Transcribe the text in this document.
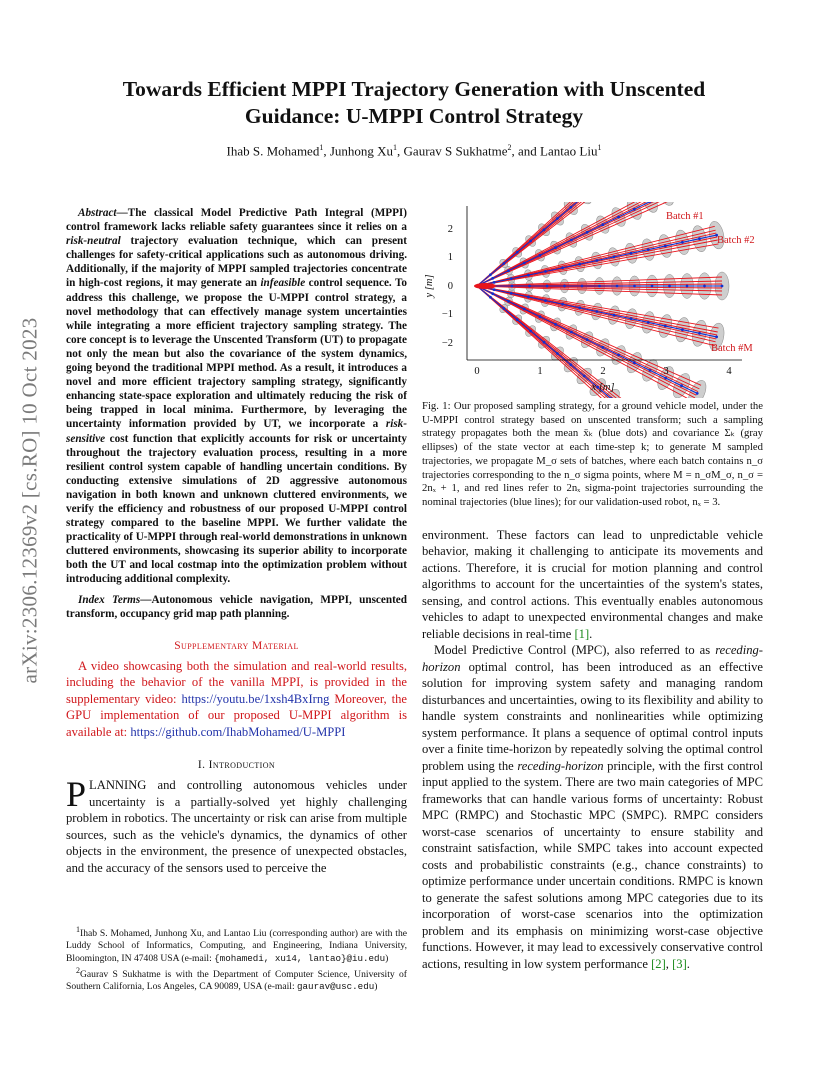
arXiv:2306.12369v2 [cs.RO] 10 Oct 2023
Towards Efficient MPPI Trajectory Generation with Unscented
Guidance: U-MPPI Control Strategy
Ihab S. Mohamed$^1$, Junhong Xu$^1$, Gaurav S Sukhatme$^2$, and Lantao Liu$^1$

Abstract—The classical Model Predictive Path Integral (MPPI) control framework lacks reliable safety guarantees since it relies on a risk-neutral trajectory evaluation technique, which can present challenges for safety-critical applications such as autonomous driving. Additionally, if the majority of MPPI sampled trajectories concentrate in high-cost regions, it may generate an infeasible control sequence. To address this challenge, we propose the U-MPPI control strategy, a novel methodology that can effectively manage system uncertainties while integrating a more efficient trajectory sampling strategy. The core concept is to leverage the Unscented Transform (UT) to propagate not only the mean but also the covariance of the system dynamics, going beyond the traditional MPPI method. As a result, it introduces a novel and more efficient trajectory sampling strategy, significantly enhancing state-space exploration and ultimately reducing the risk of being trapped in local minima. Furthermore, by leveraging the uncertainty information provided by UT, we incorporate a risk-sensitive cost function that explicitly accounts for risk or uncertainty throughout the trajectory evaluation process, resulting in a more resilient control system capable of handling uncertain conditions. By conducting extensive simulations of 2D aggressive autonomous navigation in both known and unknown cluttered environments, we verify the efficiency and robustness of our proposed U-MPPI control strategy compared to the baseline MPPI. We further validate the practicality of U-MPPI through real-world demonstrations in unknown cluttered environments, showcasing its superior ability to incorporate both the UT and local costmap into the optimization problem without introducing additional complexity.

Index Terms—Autonomous vehicle navigation, MPPI, unscented transform, occupancy grid map path planning.

Supplementary Material

A video showcasing both the simulation and real-world results, including the behavior of the vanilla MPPI, is provided in the supplementary video: https://youtu.be/1xsh4BxIrng Moreover, the GPU implementation of our proposed U-MPPI algorithm is available at: https://github.com/IhabMohamed/U-MPPI

I. Introduction

PLANNING and controlling autonomous vehicles under uncertainty is a partially-solved yet highly challenging problem in robotics. The uncertainty or risk can arise from multiple sources, such as the vehicle's dynamics, the dynamics of other objects in the environment, the presence of unexpected obstacles, and the accuracy of the sensors used to perceive the

$^1$Ihab S. Mohamed, Junhong Xu, and Lantao Liu (corresponding author) are with the Luddy School of Informatics, Computing, and Engineering, Indiana University, Bloomington, IN 47408 USA (e-mail: {mohamedi, xu14, lantao}@iu.edu)

$^2$Gaurav S Sukhatme is with the Department of Computer Science, University of Southern California, Los Angeles, CA 90089, USA (e-mail: gaurav@usc.edu)

0	1	2	3	4
2
1
0
−1
−2
x [m]
y [m]
Batch #1
Batch #2
Batch #M

Fig. 1: Our proposed sampling strategy, for a ground vehicle model, under the U-MPPI control strategy based on unscented transform; such a sampling strategy propagates both the mean x̄ₖ (blue dots) and covariance Σₖ (gray ellipses) of the state vector at each time-step k; to generate M sampled trajectories, we propagate M_σ sets of batches, where each batch contains n_σ trajectories corresponding to the n_σ sigma points, where M = n_σM_σ, n_σ = 2nₓ + 1, and red lines refer to 2nₓ sigma-point trajectories surrounding the nominal trajectories (blue lines); for our validation-used robot, nₓ = 3.

environment. These factors can lead to unpredictable vehicle behavior, making it challenging to anticipate its movements and actions. Therefore, it is crucial for motion planning and control algorithms to account for the uncertainties of the system's states, sensing, and control actions. This eventually enables autonomous vehicles to adapt to unexpected environmental changes and make reliable decisions in real-time [1].

Model Predictive Control (MPC), also referred to as receding-horizon optimal control, has been introduced as an effective solution for improving system safety and managing random disturbances and uncertainties, owing to its flexibility and ability to handle system constraints and nonlinearities while optimizing system performance. It plans a sequence of optimal control inputs over a finite time-horizon by repeatedly solving the optimal control problem using the receding-horizon principle, with the first control input applied to the system. There are two main categories of MPC frameworks that can handle various forms of uncertainty: Robust MPC (RMPC) and Stochastic MPC (SMPC). RMPC considers worst-case scenarios of uncertainty to ensure stability and constraint satisfaction, while SMPC takes into account expected costs and probabilistic constraints (e.g., chance constraints) to optimize performance under uncertain conditions. RMPC is known to generate the safest solutions among MPC categories due to its incorporation of worst-case scenarios into the optimization problem and its emphasis on minimizing worst-case objective functions. However, it may lead to excessively conservative control actions, resulting in low system performance [2], [3].
